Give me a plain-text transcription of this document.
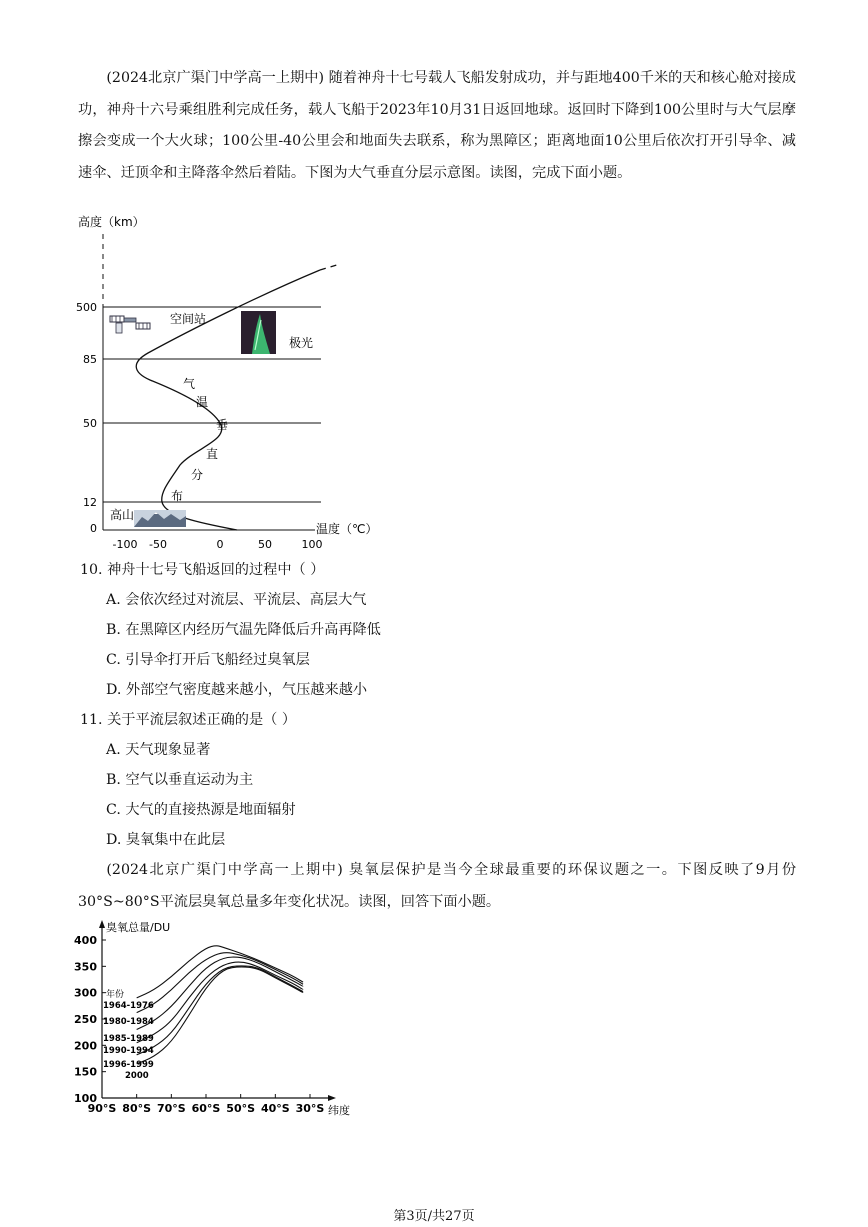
(2024北京广渠门中学高一上期中) 随着神舟十七号载人飞船发射成功，并与距地400千米的天和核心舱对接成功，神舟十六号乘组胜利完成任务，载人飞船于2023年10月31日返回地球。返回时下降到100公里时与大气层摩擦会变成一个大火球；100公里-40公里会和地面失去联系，称为黑障区；距离地面10公里后依次打开引导伞、减速伞、迁顶伞和主降落伞然后着陆。下图为大气垂直分层示意图。读图，完成下面小题。

高度（km）
500
85
50
12
0
-100 -50	0	50	100
温度（℃）
气
温
垂
直
分
布
空间站
极光
高山

10. 神舟十七号飞船返回的过程中（ ）

A. 会依次经过对流层、平流层、高层大气

B. 在黑障区内经历气温先降低后升高再降低

C. 引导伞打开后飞船经过臭氧层

D. 外部空气密度越来越小，气压越来越小

11. 关于平流层叙述正确的是（ ）

A. 天气现象显著

B. 空气以垂直运动为主

C. 大气的直接热源是地面辐射

D. 臭氧集中在此层

(2024北京广渠门中学高一上期中) 臭氧层保护是当今全球最重要的环保议题之一。下图反映了9月份30°S~80°S平流层臭氧总量多年变化状况。读图，回答下面小题。

臭氧总量/DU
100
150
200
250
300
350
400
90°S 80°S 70°S 60°S 50°S 40°S 30°S 纬度
年份
1964-1976
1980-1984
1985-1989
1990-1994
1996-1999
2000
第3页/共27页
